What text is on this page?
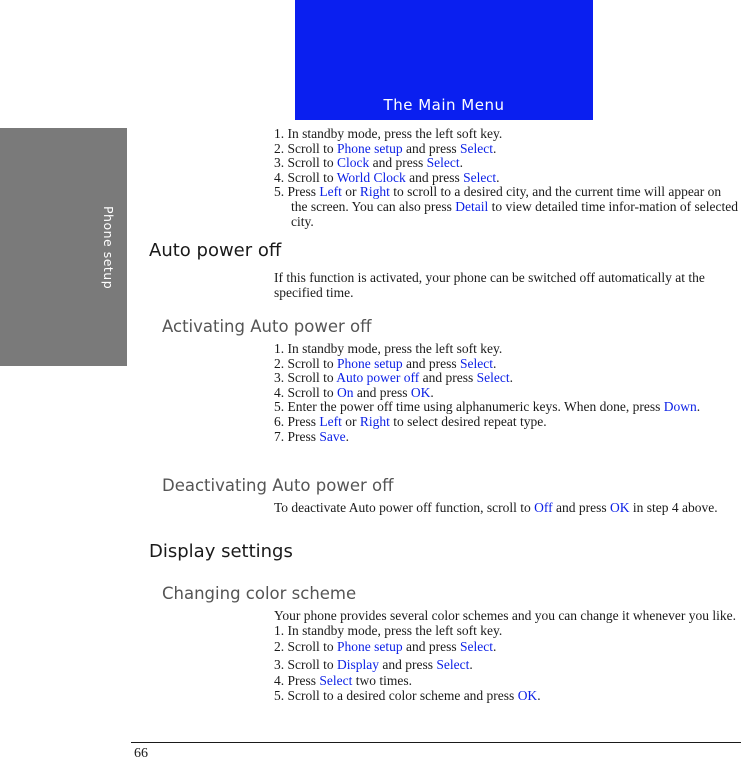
Phone setup
The Main Menu
1. In standby mode, press the left soft key.
2. Scroll to Phone setup and press Select.
3. Scroll to Clock and press Select.
4. Scroll to World Clock and press Select.
5. Press Left or Right to scroll to a desired city, and the current time will appear on the screen. You can also press Detail to view detailed time infor-mation of selected city.
Auto power off
If this function is activated, your phone can be switched off automatically at the specified time.
Activating Auto power off
1. In standby mode, press the left soft key.
2. Scroll to Phone setup and press Select.
3. Scroll to Auto power off and press Select.
4. Scroll to On and press OK.
5. Enter the power off time using alphanumeric keys. When done, press Down.
6. Press Left or Right to select desired repeat type.
7. Press Save.
Deactivating Auto power off
To deactivate Auto power off function, scroll to Off and press OK in step 4 above.
Display settings
Changing color scheme
Your phone provides several color schemes and you can change it whenever you like.
1. In standby mode, press the left soft key.
2. Scroll to Phone setup and press Select.
3. Scroll to Display and press Select.
4. Press Select two times.
5. Scroll to a desired color scheme and press OK.
66
